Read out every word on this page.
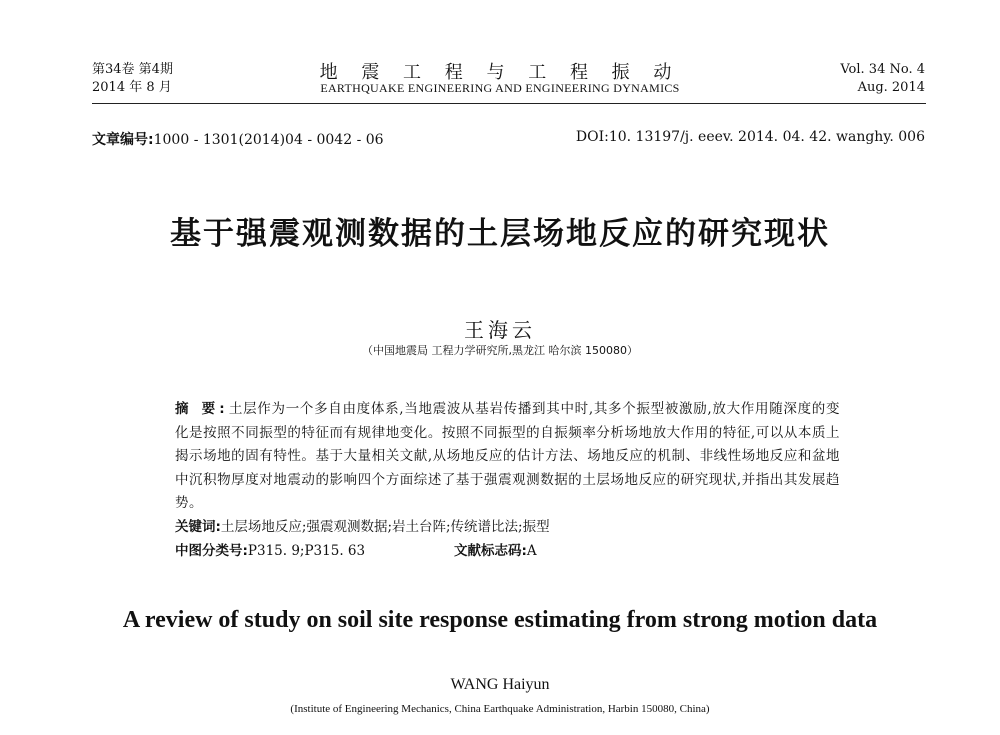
第34卷 第4期
2014 年 8 月
地 震 工 程 与 工 程 振 动
EARTHQUAKE ENGINEERING AND ENGINEERING DYNAMICS
Vol. 34 No. 4
Aug. 2014
文章编号:1000 - 1301(2014)04 - 0042 - 06	DOI:10. 13197/j. eeev. 2014. 04. 42. wanghy. 006
基于强震观测数据的土层场地反应的研究现状
王海云
（中国地震局 工程力学研究所,黑龙江 哈尔滨 150080）
摘 要:土层作为一个多自由度体系,当地震波从基岩传播到其中时,其多个振型被激励,放大作用随深度的变化是按照不同振型的特征而有规律地变化。按照不同振型的自振频率分析场地放大作用的特征,可以从本质上揭示场地的固有特性。基于大量相关文献,从场地反应的估计方法、场地反应的机制、非线性场地反应和盆地中沉积物厚度对地震动的影响四个方面综述了基于强震观测数据的土层场地反应的研究现状,并指出其发展趋势。
关键词:土层场地反应;强震观测数据;岩土台阵;传统谱比法;振型
中图分类号:P315. 9;P315. 63	文献标志码:A
A review of study on soil site response estimating from strong motion data
WANG Haiyun
(Institute of Engineering Mechanics, China Earthquake Administration, Harbin 150080, China)
